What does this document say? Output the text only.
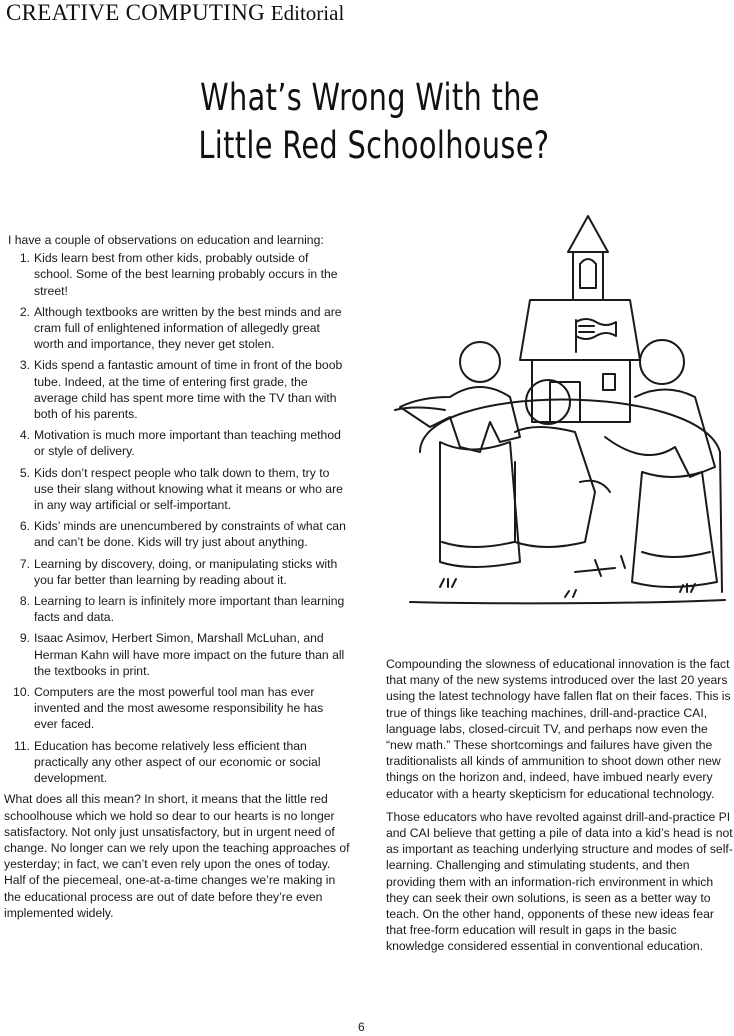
CREATIVE COMPUTING Editorial
What’s Wrong With the
Little Red Schoolhouse?
I have a couple of observations on education and learning:
1. Kids learn best from other kids, probably outside of school. Some of the best learning probably occurs in the street!
2. Although textbooks are written by the best minds and are cram full of enlightened information of allegedly great worth and importance, they never get stolen.
3. Kids spend a fantastic amount of time in front of the boob tube. Indeed, at the time of entering first grade, the average child has spent more time with the TV than with both of his parents.
4. Motivation is much more important than teaching method or style of delivery.
5. Kids don’t respect people who talk down to them, try to use their slang without knowing what it means or who are in any way artificial or self-important.
6. Kids’ minds are unencumbered by constraints of what can and can’t be done. Kids will try just about anything.
7. Learning by discovery, doing, or manipulating sticks with you far better than learning by reading about it.
8. Learning to learn is infinitely more important than learning facts and data.
9. Isaac Asimov, Herbert Simon, Marshall McLuhan, and Herman Kahn will have more impact on the future than all the textbooks in print.
10. Computers are the most powerful tool man has ever invented and the most awesome responsibility he has ever faced.
11. Education has become relatively less efficient than practically any other aspect of our economic or social development.
What does all this mean? In short, it means that the little red schoolhouse which we hold so dear to our hearts is no longer satisfactory. Not only just unsatisfactory, but in urgent need of change. No longer can we rely upon the teaching approaches of yesterday; in fact, we can’t even rely upon the ones of today. Half of the piecemeal, one-at-a-time changes we’re making in the educational process are out of date before they’re even implemented widely.

Compounding the slowness of educational innovation is the fact that many of the new systems introduced over the last 20 years using the latest technology have fallen flat on their faces. This is true of things like teaching machines, drill-and-practice CAI, language labs, closed-circuit TV, and perhaps now even the “new math.” These shortcomings and failures have given the traditionalists all kinds of ammunition to shoot down other new things on the horizon and, indeed, have imbued nearly every educator with a hearty skepticism for educational technology.

Those educators who have revolted against drill-and-practice PI and CAI believe that getting a pile of data into a kid’s head is not as important as teaching underlying structure and modes of self-learning. Challenging and stimulating students, and then providing them with an information-rich environment in which they can seek their own solutions, is seen as a better way to teach. On the other hand, opponents of these new ideas fear that free-form education will result in gaps in the basic knowledge considered essential in conventional education.

6
